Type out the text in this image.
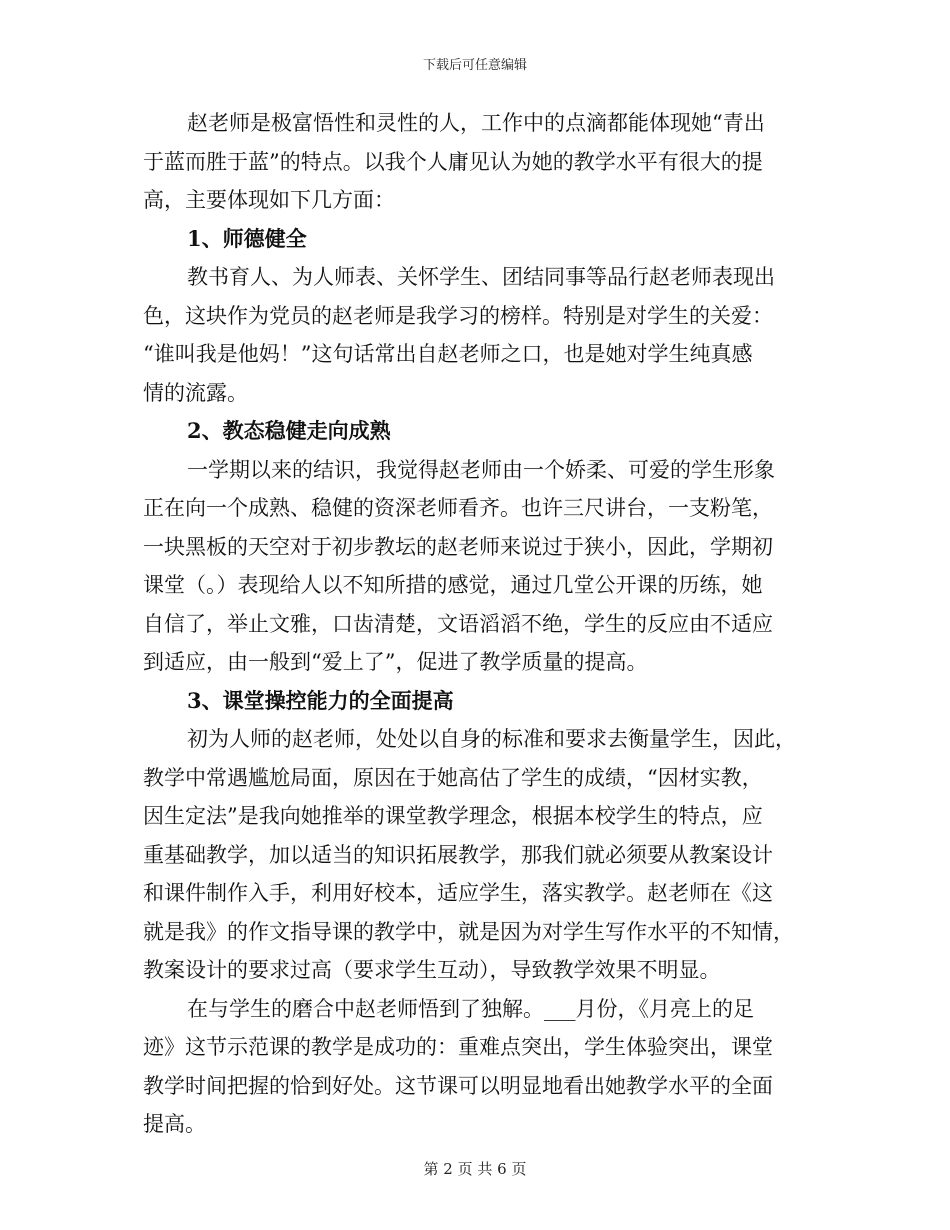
下载后可任意编辑
赵老师是极富悟性和灵性的人，工作中的点滴都能体现她“青出
于蓝而胜于蓝”的特点。以我个人庸见认为她的教学水平有很大的提
高，主要体现如下几方面：
1、师德健全
教书育人、为人师表、关怀学生、团结同事等品行赵老师表现出
色，这块作为党员的赵老师是我学习的榜样。特别是对学生的关爱：
“谁叫我是他妈！”这句话常出自赵老师之口，也是她对学生纯真感
情的流露。
2、教态稳健走向成熟
一学期以来的结识，我觉得赵老师由一个娇柔、可爱的学生形象
正在向一个成熟、稳健的资深老师看齐。也许三尺讲台，一支粉笔，
一块黑板的天空对于初步教坛的赵老师来说过于狭小，因此，学期初
课堂（。）表现给人以不知所措的感觉，通过几堂公开课的历练，她
自信了，举止文雅，口齿清楚，文语滔滔不绝，学生的反应由不适应
到适应，由一般到“爱上了”，促进了教学质量的提高。
3、课堂操控能力的全面提高
初为人师的赵老师，处处以自身的标准和要求去衡量学生，因此，
教学中常遇尴尬局面，原因在于她高估了学生的成绩，“因材实教，
因生定法”是我向她推举的课堂教学理念，根据本校学生的特点，应
重基础教学，加以适当的知识拓展教学，那我们就必须要从教案设计
和课件制作入手，利用好校本，适应学生，落实教学。赵老师在《这
就是我》的作文指导课的教学中，就是因为对学生写作水平的不知情，
教案设计的要求过高（要求学生互动），导致教学效果不明显。
在与学生的磨合中赵老师悟到了独解。___月份，《月亮上的足
迹》这节示范课的教学是成功的：重难点突出，学生体验突出，课堂
教学时间把握的恰到好处。这节课可以明显地看出她教学水平的全面
提高。
第 2 页 共 6 页
